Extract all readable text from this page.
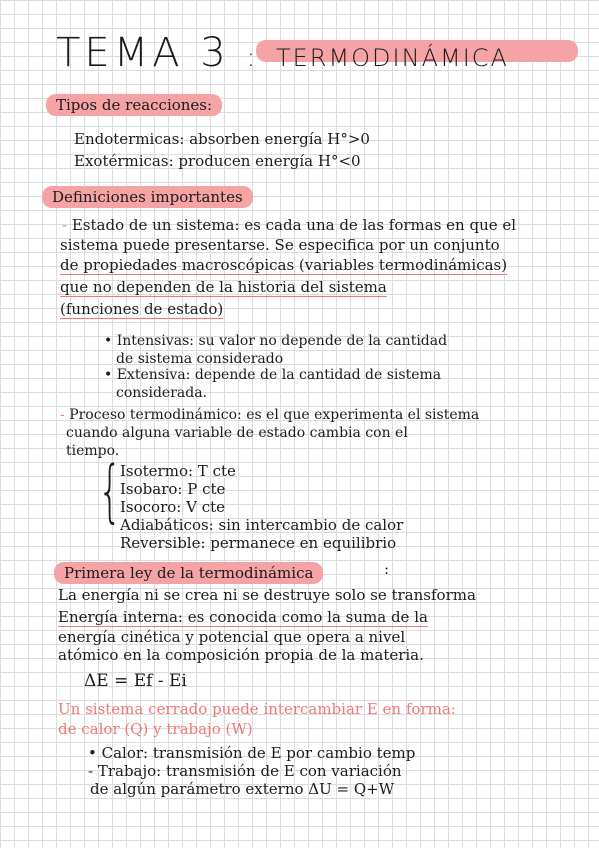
TEMA 3 : TERMODINÁMICA
Tipos de reacciones:
Endotermicas: absorben energía H°>0
Exotérmicas: producen energía H°<0
Definiciones importantes
- Estado de un sistema: es cada una de las formas en que el
sistema puede presentarse. Se especifica por un conjunto
de propiedades macroscópicas (variables termodinámicas)
que no dependen de la historia del sistema
(funciones de estado)
• Intensivas: su valor no depende de la cantidad
de sistema considerado
• Extensiva: depende de la cantidad de sistema
considerada.
- Proceso termodinámico: es el que experimenta el sistema
cuando alguna variable de estado cambia con el
tiempo.
{
Isotermo: T cte
Isobaro: P cte
Isocoro: V cte
Adiabáticos: sin intercambio de calor
Reversible: permanece en equilibrio
Primera ley de la termodinámica	:
La energía ni se crea ni se destruye solo se transforma
Energía interna: es conocida como la suma de la
energía cinética y potencial que opera a nivel
atómico en la composición propia de la materia.
ΔE = Ef - Ei
Un sistema cerrado puede intercambiar E en forma:
de calor (Q) y trabajo (W)
• Calor: transmisión de E por cambio temp
- Trabajo: transmisión de E con variación
de algún parámetro externo ΔU = Q+W
